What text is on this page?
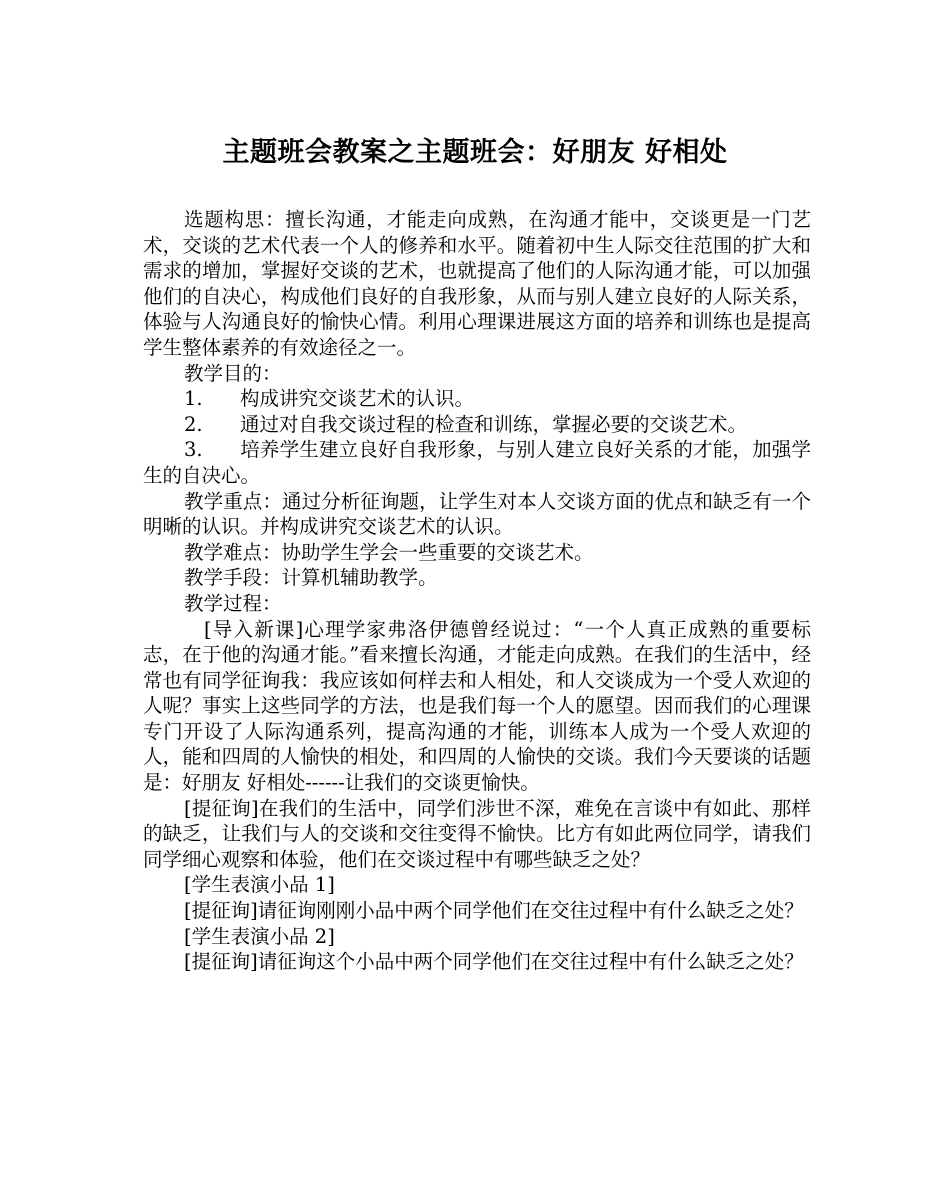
主题班会教案之主题班会：好朋友 好相处

选题构思：擅长沟通，才能走向成熟，在沟通才能中，交谈更是一门艺术，交谈的艺术代表一个人的修养和水平。随着初中生人际交往范围的扩大和需求的增加，掌握好交谈的艺术，也就提高了他们的人际沟通才能，可以加强他们的自决心，构成他们良好的自我形象，从而与别人建立良好的人际关系，体验与人沟通良好的愉快心情。利用心理课进展这方面的培养和训练也是提高学生整体素养的有效途径之一。

教学目的：

1. 构成讲究交谈艺术的认识。

2. 通过对自我交谈过程的检查和训练，掌握必要的交谈艺术。

3. 培养学生建立良好自我形象，与别人建立良好关系的才能，加强学生的自决心。

教学重点：通过分析征询题，让学生对本人交谈方面的优点和缺乏有一个明晰的认识。并构成讲究交谈艺术的认识。

教学难点：协助学生学会一些重要的交谈艺术。

教学手段：计算机辅助教学。

教学过程：

[导入新课]心理学家弗洛伊德曾经说过：“一个人真正成熟的重要标志，在于他的沟通才能。”看来擅长沟通，才能走向成熟。在我们的生活中，经常也有同学征询我：我应该如何样去和人相处，和人交谈成为一个受人欢迎的人呢？事实上这些同学的方法，也是我们每一个人的愿望。因而我们的心理课专门开设了人际沟通系列，提高沟通的才能，训练本人成为一个受人欢迎的人，能和四周的人愉快的相处，和四周的人愉快的交谈。我们今天要谈的话题是：好朋友 好相处------让我们的交谈更愉快。

[提征询]在我们的生活中，同学们涉世不深，难免在言谈中有如此、那样的缺乏，让我们与人的交谈和交往变得不愉快。比方有如此两位同学，请我们同学细心观察和体验，他们在交谈过程中有哪些缺乏之处？

[学生表演小品 1]

[提征询]请征询刚刚小品中两个同学他们在交往过程中有什么缺乏之处？

[学生表演小品 2]

[提征询]请征询这个小品中两个同学他们在交往过程中有什么缺乏之处？
